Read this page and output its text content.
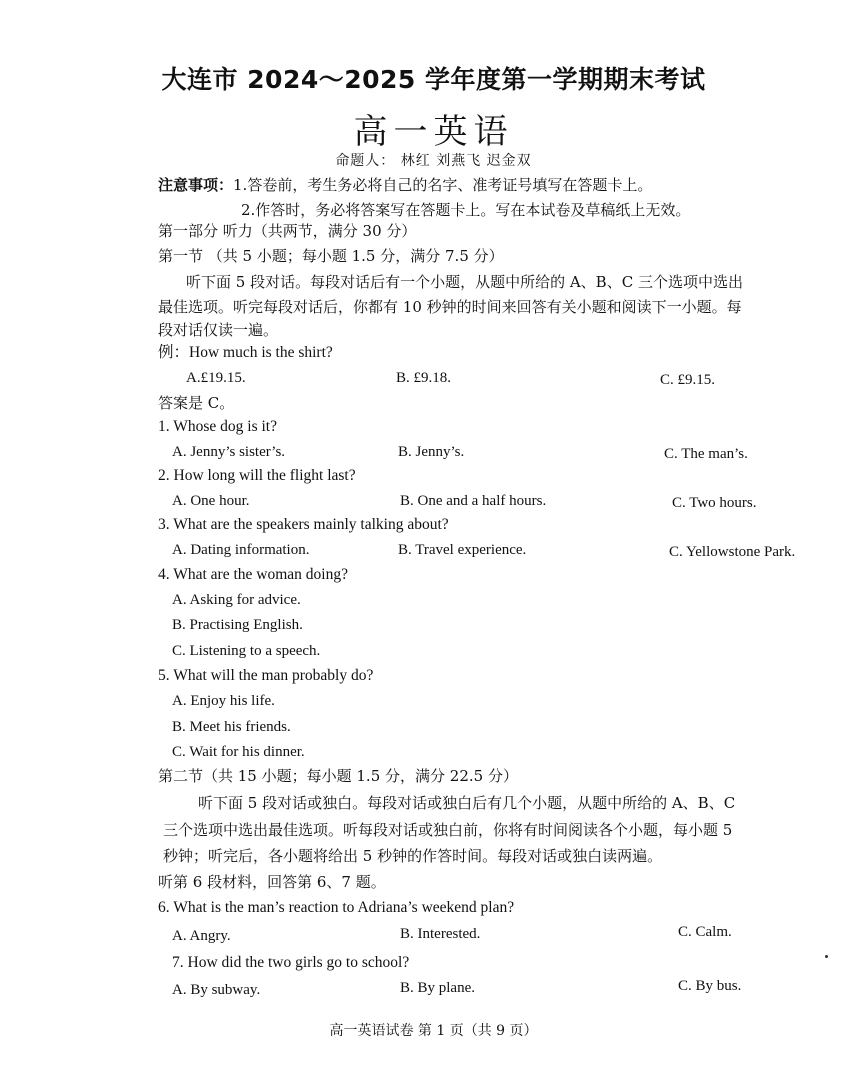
大连市 2024～2025 学年度第一学期期末考试
高一英语
命题人： 林红 刘燕飞 迟金双
注意事项：1.答卷前，考生务必将自己的名字、准考证号填写在答题卡上。
2.作答时，务必将答案写在答题卡上。写在本试卷及草稿纸上无效。
第一部分 听力（共两节，满分 30 分）
第一节 （共 5 小题；每小题 1.5 分，满分 7.5 分）
听下面 5 段对话。每段对话后有一个小题，从题中所给的 A、B、C 三个选项中选出
最佳选项。听完每段对话后，你都有 10 秒钟的时间来回答有关小题和阅读下一小题。每
段对话仅读一遍。
例：How much is the shirt?
A.£19.15.	B. £9.18.	C. £9.15.
答案是 C。
1. Whose dog is it?
A. Jenny’s sister’s.	B. Jenny’s.	C. The man’s.
2. How long will the flight last?
A. One hour.	B. One and a half hours.	C. Two hours.
3. What are the speakers mainly talking about?
A. Dating information.	B. Travel experience.	C. Yellowstone Park.
4. What are the woman doing?
A. Asking for advice.
B. Practising English.
C. Listening to a speech.
5. What will the man probably do?
A. Enjoy his life.
B. Meet his friends.
C. Wait for his dinner.
第二节（共 15 小题；每小题 1.5 分，满分 22.5 分）
听下面 5 段对话或独白。每段对话或独白后有几个小题，从题中所给的 A、B、C
三个选项中选出最佳选项。听每段对话或独白前，你将有时间阅读各个小题，每小题 5
秒钟；听完后，各小题将给出 5 秒钟的作答时间。每段对话或独白读两遍。
听第 6 段材料，回答第 6、7 题。
6. What is the man’s reaction to Adriana’s weekend plan?
A. Angry.	B. Interested.	C. Calm.
7. How did the two girls go to school?
A. By subway.	B. By plane.	C. By bus.
高一英语试卷 第 1 页（共 9 页）
